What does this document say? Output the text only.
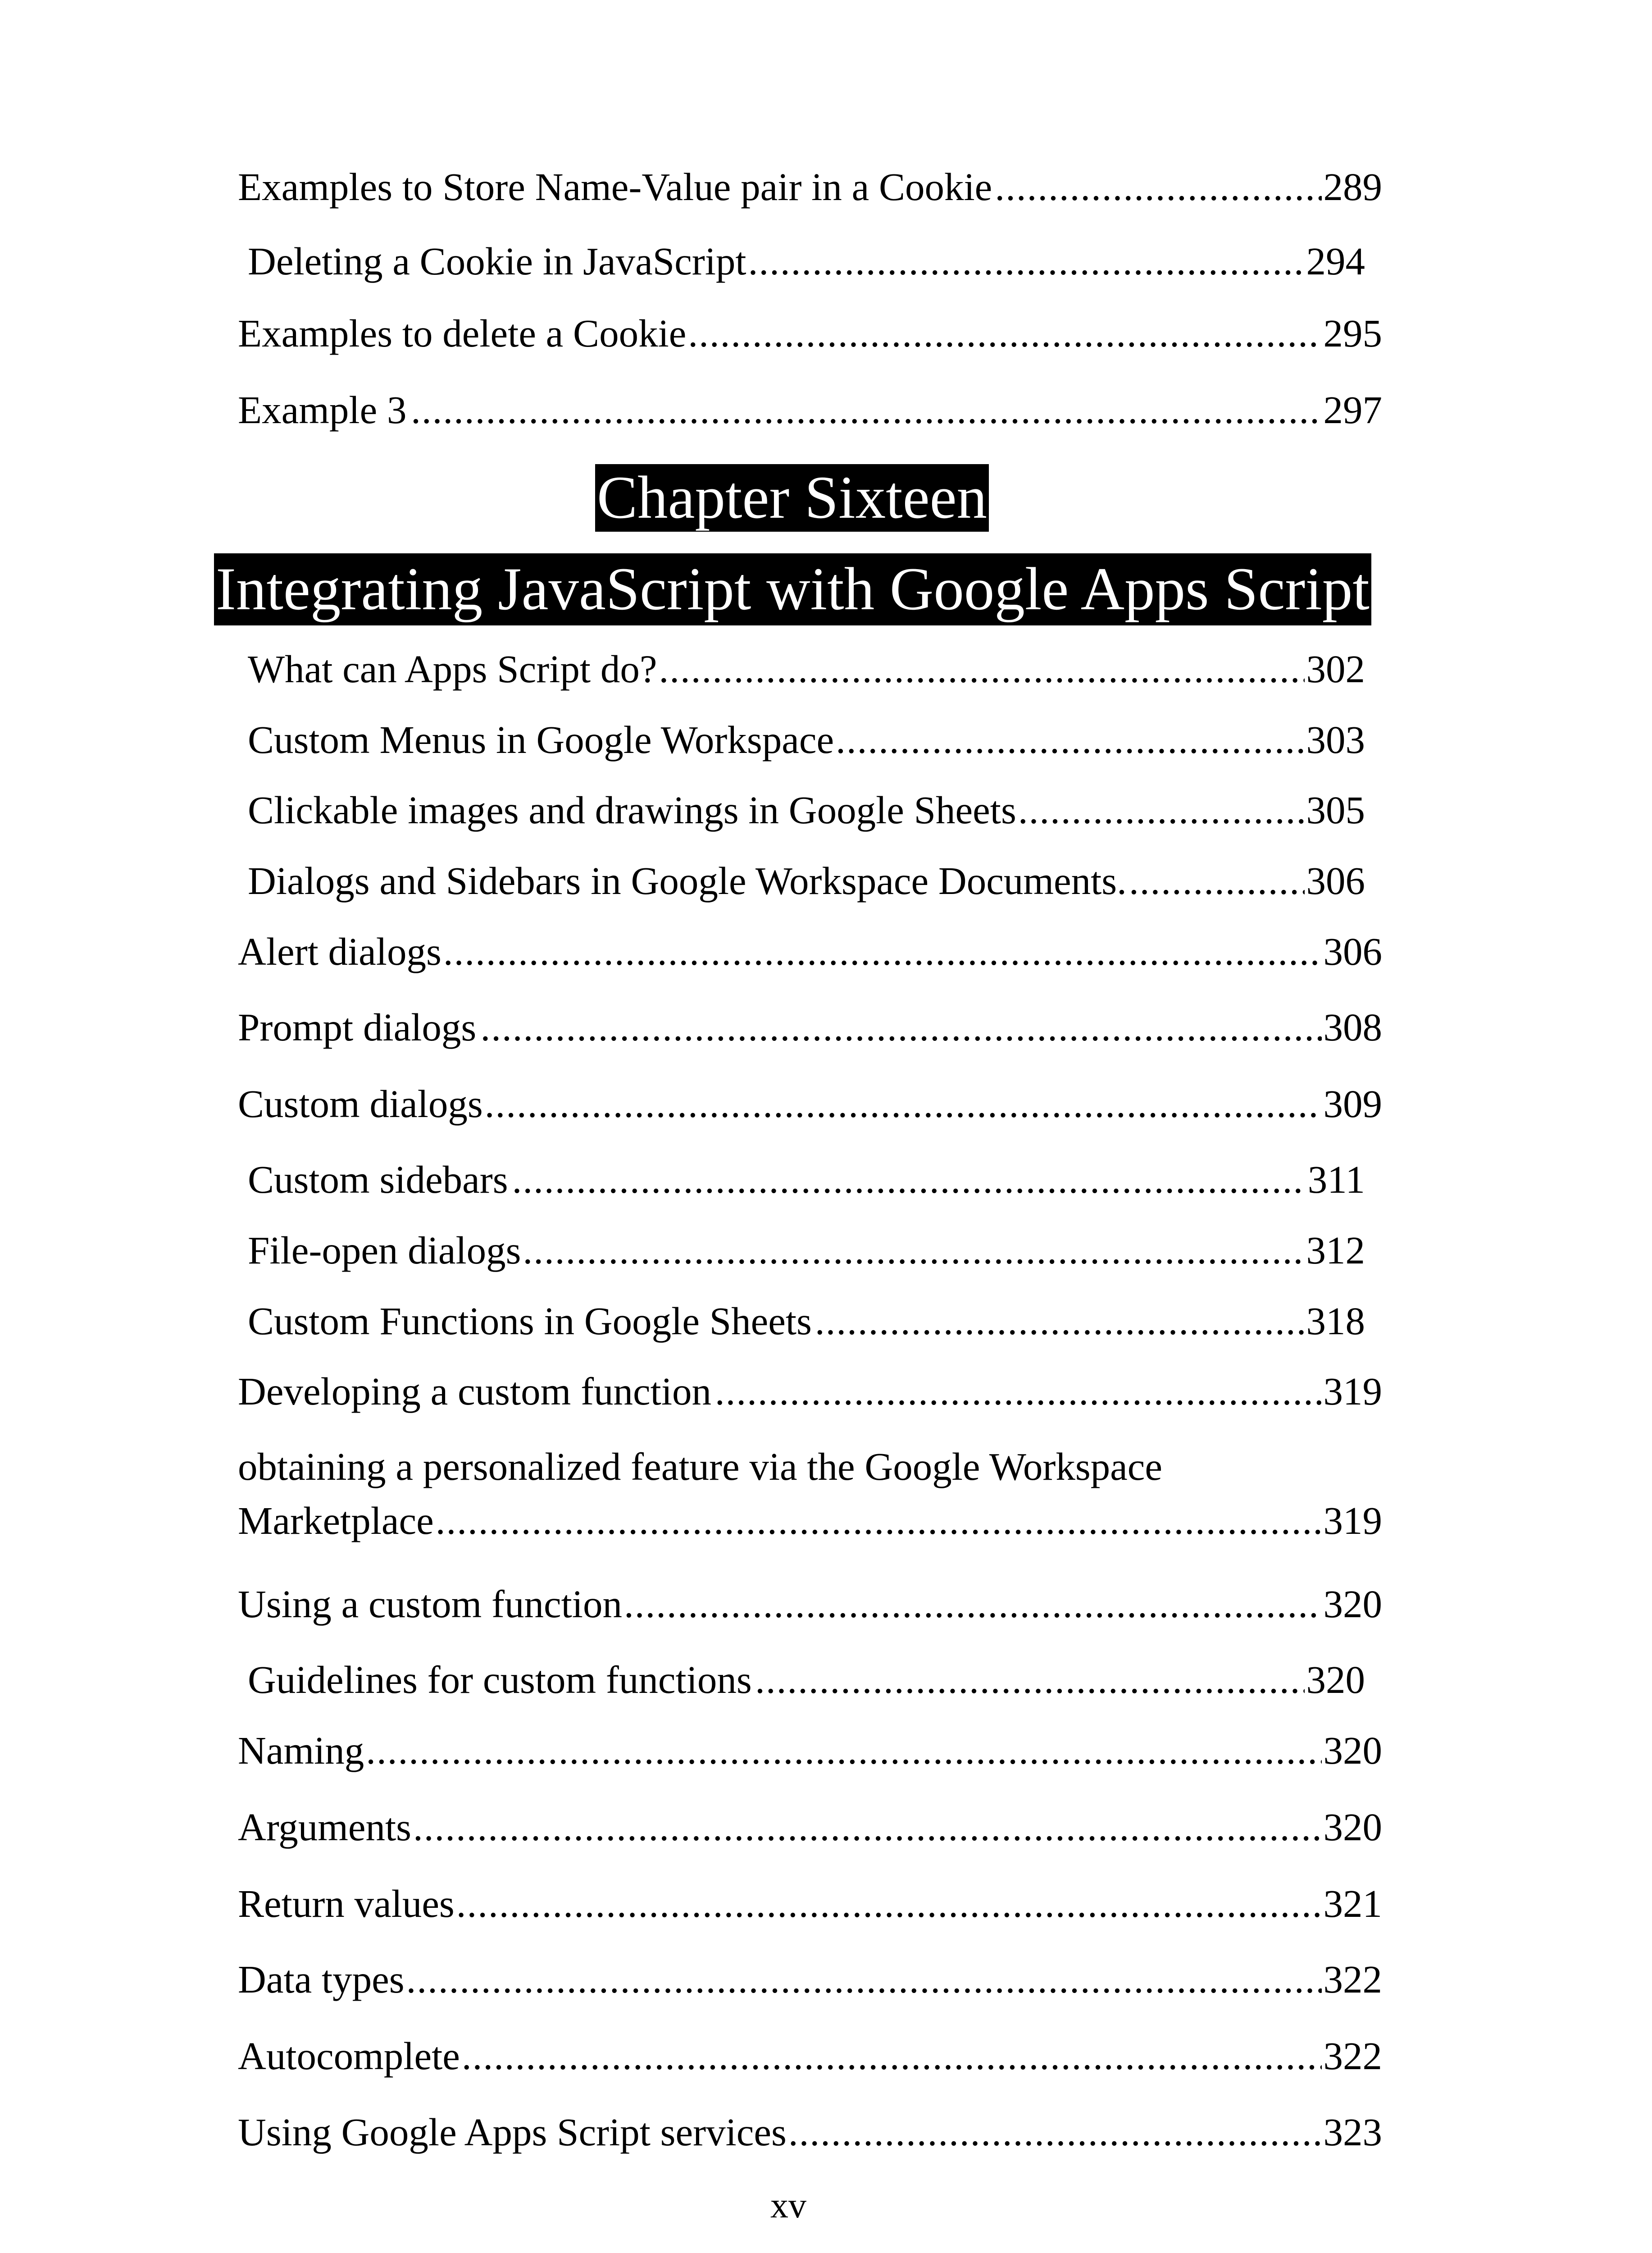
Examples to Store Name-Value pair in a Cookie .....	289
Deleting a Cookie in JavaScript .....	294
Examples to delete a Cookie .....	295
Example 3 .....	297
Chapter Sixteen
Integrating JavaScript with Google Apps Script
What can Apps Script do? .....	302
Custom Menus in Google Workspace .....	303
Clickable images and drawings in Google Sheets .....	305
Dialogs and Sidebars in Google Workspace Documents. .....	306
Alert dialogs .....	306
Prompt dialogs .....	308
Custom dialogs .....	309
Custom sidebars .....	311
File-open dialogs .....	312
Custom Functions in Google Sheets .....	318
Developing a custom function .....	319
obtaining a personalized feature via the Google Workspace
Marketplace .....	319
Using a custom function .....	320
Guidelines for custom functions .....	320
Naming .....	320
Arguments .....	320
Return values .....	321
Data types .....	322
Autocomplete .....	322
Using Google Apps Script services .....	323
xv
